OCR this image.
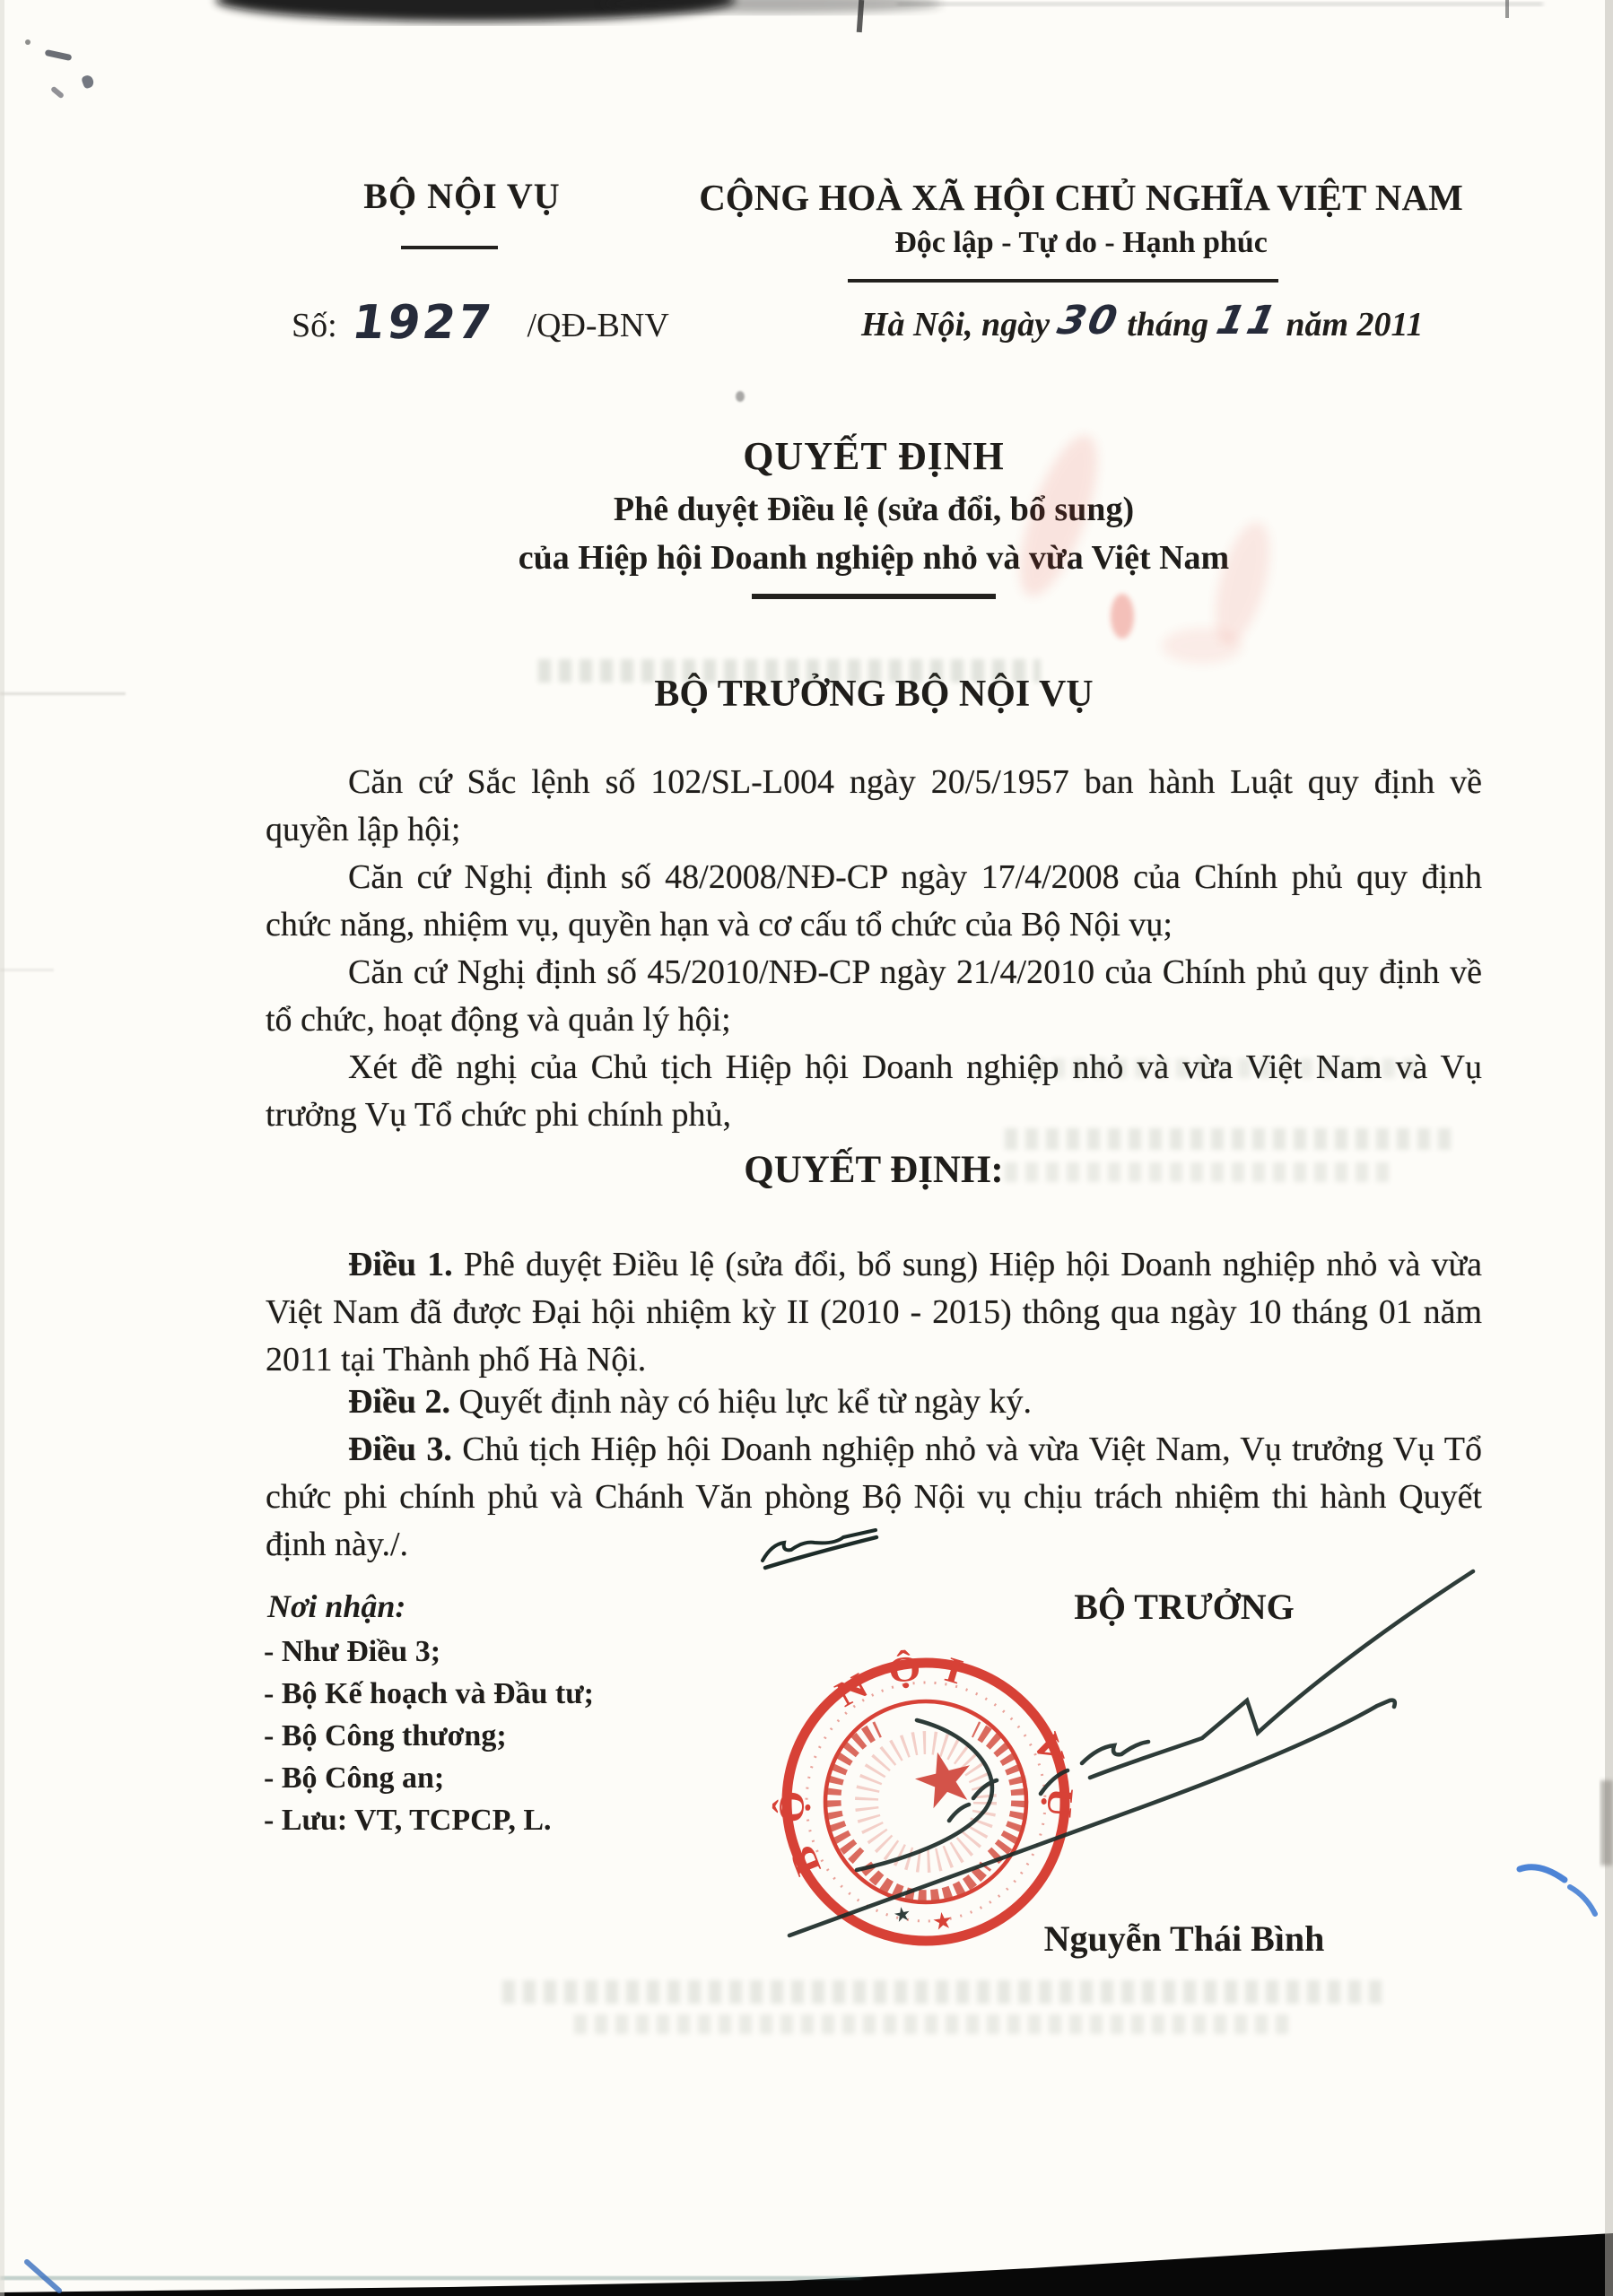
BỘ NỘI VỤ
Số: 1927 /QĐ-BNV
CỘNG HOÀ XÃ HỘI CHỦ NGHĨA VIỆT NAM
Độc lập - Tự do - Hạnh phúc
Hà Nội, ngày 30 tháng 11 năm 2011
QUYẾT ĐỊNH
Phê duyệt Điều lệ (sửa đổi, bổ sung)
của Hiệp hội Doanh nghiệp nhỏ và vừa Việt Nam
BỘ TRƯỞNG BỘ NỘI VỤ

Căn cứ Sắc lệnh số 102/SL-L004 ngày 20/5/1957 ban hành Luật quy định về quyền lập hội;

Căn cứ Nghị định số 48/2008/NĐ-CP ngày 17/4/2008 của Chính phủ quy định chức năng, nhiệm vụ, quyền hạn và cơ cấu tổ chức của Bộ Nội vụ;

Căn cứ Nghị định số 45/2010/NĐ-CP ngày 21/4/2010 của Chính phủ quy định về tổ chức, hoạt động và quản lý hội;

Xét đề nghị của Chủ tịch Hiệp hội Doanh nghiệp nhỏ và vừa Việt Nam và Vụ trưởng Vụ Tổ chức phi chính phủ,

QUYẾT ĐỊNH:

Điều 1. Phê duyệt Điều lệ (sửa đổi, bổ sung) Hiệp hội Doanh nghiệp nhỏ và vừa Việt Nam đã được Đại hội nhiệm kỳ II (2010 - 2015) thông qua ngày 10 tháng 01 năm 2011 tại Thành phố Hà Nội.

Điều 2. Quyết định này có hiệu lực kể từ ngày ký.

Điều 3. Chủ tịch Hiệp hội Doanh nghiệp nhỏ và vừa Việt Nam, Vụ trưởng Vụ Tổ chức phi chính phủ và Chánh Văn phòng Bộ Nội vụ chịu trách nhiệm thi hành Quyết định này./.

Nơi nhận:
- Như Điều 3;
- Bộ Kế hoạch và Đầu tư;
- Bộ Công thương;
- Bộ Công an;
- Lưu: VT, TCPCP, L.
BỘ TRƯỞNG
Nguyễn Thái Bình
BỘ NỘI VỤ
★
★
★
